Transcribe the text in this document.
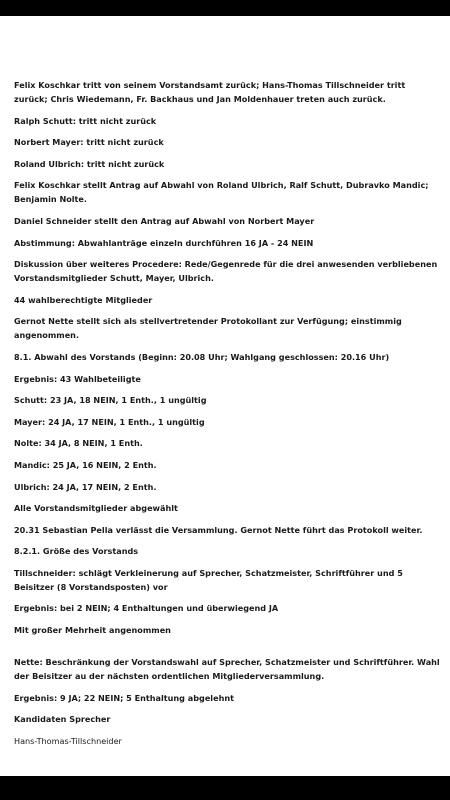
Felix Koschkar tritt von seinem Vorstandsamt zurück; Hans-Thomas Tillschneider tritt zurück; Chris Wiedemann, Fr. Backhaus und Jan Moldenhauer treten auch zurück.

Ralph Schutt: tritt nicht zurück

Norbert Mayer: tritt nicht zurück

Roland Ulbrich: tritt nicht zurück

Felix Koschkar stellt Antrag auf Abwahl von Roland Ulbrich, Ralf Schutt, Dubravko Mandic; Benjamin Nolte.

Daniel Schneider stellt den Antrag auf Abwahl von Norbert Mayer

Abstimmung: Abwahlanträge einzeln durchführen 16 JA - 24 NEIN

Diskussion über weiteres Procedere: Rede/Gegenrede für die drei anwesenden verbliebenen Vorstandsmitglieder Schutt, Mayer, Ulbrich.

44 wahlberechtigte Mitglieder

Gernot Nette stellt sich als stellvertretender Protokollant zur Verfügung; einstimmig angenommen.

8.1. Abwahl des Vorstands (Beginn: 20.08 Uhr; Wahlgang geschlossen: 20.16 Uhr)

Ergebnis: 43 Wahlbeteiligte

Schutt: 23 JA, 18 NEIN, 1 Enth., 1 ungültig

Mayer: 24 JA, 17 NEIN, 1 Enth., 1 ungültig

Nolte: 34 JA, 8 NEIN, 1 Enth.

Mandic: 25 JA, 16 NEIN, 2 Enth.

Ulbrich: 24 JA, 17 NEIN, 2 Enth.

Alle Vorstandsmitglieder abgewählt

20.31 Sebastian Pella verlässt die Versammlung. Gernot Nette führt das Protokoll weiter.

8.2.1. Größe des Vorstands

Tillschneider: schlägt Verkleinerung auf Sprecher, Schatzmeister, Schriftführer und 5 Beisitzer (8 Vorstandsposten) vor

Ergebnis: bei 2 NEIN; 4 Enthaltungen und überwiegend JA

Mit großer Mehrheit angenommen

Nette: Beschränkung der Vorstandswahl auf Sprecher, Schatzmeister und Schriftführer. Wahl der Beisitzer au der nächsten ordentlichen Mitgliederversammlung.

Ergebnis: 9 JA; 22 NEIN; 5 Enthaltung abgelehnt

Kandidaten Sprecher

Hans-Thomas-Tillschneider
